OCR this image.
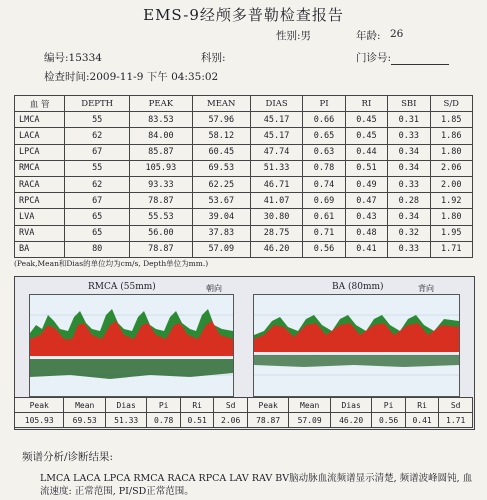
EMS-9经颅多普勒检查报告
性别:男	年龄: 26
编号:15334	科别:	门诊号:
检查时间:2009-11-9 下午 04:35:02
血 管	DEPTH	PEAK	MEAN	DIAS	PI	RI	SBI	S/D
LMCA	55	83.53	57.96	45.17	0.66	0.45	0.31	1.85
LACA	62	84.00	58.12	45.17	0.65	0.45	0.33	1.86
LPCA	67	85.87	60.45	47.74	0.63	0.44	0.34	1.80
RMCA	55	105.93	69.53	51.33	0.78	0.51	0.34	2.06
RACA	62	93.33	62.25	46.71	0.74	0.49	0.33	2.00
RPCA	67	78.87	53.67	41.07	0.69	0.47	0.28	1.92
LVA	65	55.53	39.04	30.80	0.61	0.43	0.34	1.80
RVA	65	56.00	37.83	28.75	0.71	0.48	0.32	1.95
BA	80	78.87	57.09	46.20	0.56	0.41	0.33	1.71
(Peak,Mean和Dias的单位均为cm/s, Depth单位为mm.)
RMCA (55mm)	朝向	BA (80mm)	背向
Peak	Mean	Dias	Pi	Ri	Sd	Peak	Mean	Dias	Pi	Ri	Sd
105.93	69.53	51.33	0.78	0.51	2.06	78.87	57.09	46.20	0.56	0.41	1.71
频谱分析/诊断结果:
LMCA LACA LPCA RMCA RACA RPCA LAV RAV BV脑动脉血流频谱显示清楚, 频谱波峰圆钝, 血流速度: 正常范围, PI/SD正常范围。
